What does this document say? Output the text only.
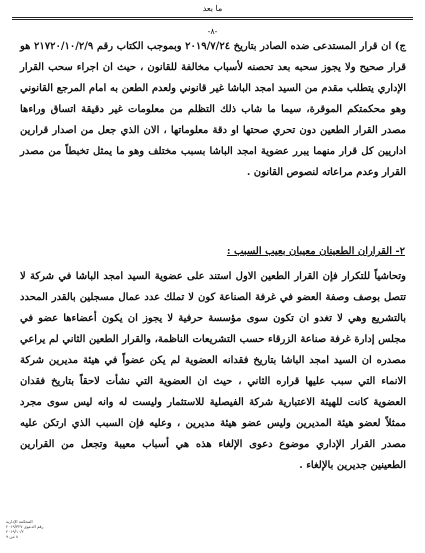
ما بعد
-٨-
ج) ان قرار المستدعى ضده الصادر بتاريخ ٢٠١٩/٧/٢٤ وبموجب الكتاب رقم ٢١٧٢٠/١٠/٢/٩ هو قرار صحيح ولا يجوز سحبه بعد تحصنه لأسباب مخالفة للقانون ، حيث ان اجراء سحب القرار الإداري يتطلب مقدم من السيد امجد الباشا غير قانوني ولعدم الطعن به امام المرجع القانوني وهو محكمتكم الموقرة، سيما ما شاب ذلك التظلم من معلومات غير دقيقة اتساق وراءها مصدر القرار الطعين دون تحري صحتها او دقة معلوماتها ، الان الذي جعل من اصدار قرارين اداريين كل قرار منهما يبرر عضوية امجد الباشا بسبب مختلف وهو ما يمثل تخبطاً من مصدر القرار وعدم مراعاته لنصوص القانون .
٢- القراران الطعينان معيبان بعيب السبب :
وتحاشياً للتكرار فإن القرار الطعين الاول استند على عضوية السيد امجد الباشا في شركة لا تتصل بوصف وصفة العضو في غرفة الصناعة كون لا تملك عدد عمال مسجلين بالقدر المحدد بالتشريع وهي لا تغدو ان تكون سوى مؤسسة حرفية لا يجوز ان يكون أعضاءها عضو في مجلس إدارة غرفة صناعة الزرقاء حسب التشريعات الناظمة، والقرار الطعين الثاني لم يراعي مصدره ان السيد امجد الباشا بتاريخ فقدانه العضوية لم يكن عضواً في هيئة مديرين شركة الانماء التي سبب عليها قراره الثاني ، حيث ان العضوية التي نشأت لاحقاً بتاريخ فقدان العضوية كانت للهيئة الاعتبارية شركة الفيصلية للاستثمار وليست له وانه ليس سوى مجرد ممثلاً لعضو هيئة المديرين وليس عضو هيئة مديرين ، وعليه فإن السبب الذي ارتكن عليه مصدر القرار الإداري موضوع دعوى الإلغاء هذه هي أسباب معيبة وتجعل من القرارين الطعينين جديرين بالإلغاء .
المحكمة الإدارية
رقم الدعوى ٢٠١٩/٣٢٧
٢٠١٩/١٠/٢
٨ من ٩
